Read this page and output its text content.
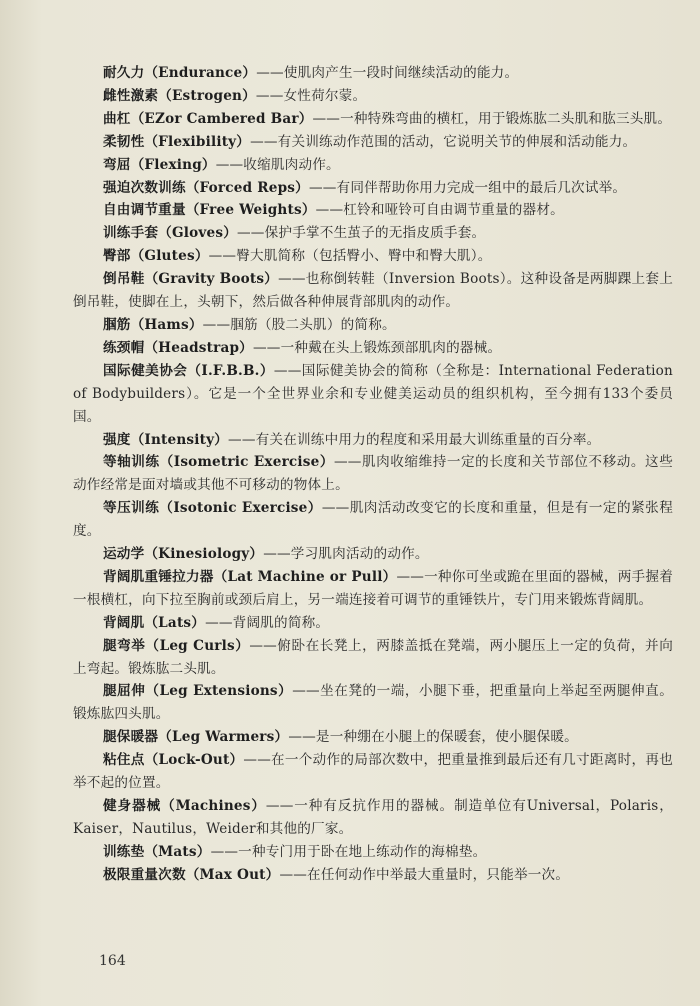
耐久力（Endurance）——使肌肉产生一段时间继续活动的能力。

雌性激素（Estrogen）——女性荷尔蒙。

曲杠（EZor Cambered Bar）——一种特殊弯曲的横杠，用于锻炼肱二头肌和肱三头肌。

柔韧性（Flexibility）——有关训练动作范围的活动，它说明关节的伸展和活动能力。

弯屈（Flexing）——收缩肌肉动作。

强迫次数训练（Forced Reps）——有同伴帮助你用力完成一组中的最后几次试举。

自由调节重量（Free Weights）——杠铃和哑铃可自由调节重量的器材。

训练手套（Gloves）——保护手掌不生茧子的无指皮质手套。

臀部（Glutes）——臀大肌简称（包括臀小、臀中和臀大肌）。

倒吊鞋（Gravity Boots）——也称倒转鞋（Inversion Boots）。这种设备是两脚踝上套上倒吊鞋，使脚在上，头朝下，然后做各种伸展背部肌肉的动作。

腘筋（Hams）——腘筋（股二头肌）的简称。

练颈帽（Headstrap）——一种戴在头上锻炼颈部肌肉的器械。

国际健美协会（I.F.B.B.）——国际健美协会的简称（全称是：International Federation of Bodybuilders）。它是一个全世界业余和专业健美运动员的组织机构，至今拥有133个委员国。

强度（Intensity）——有关在训练中用力的程度和采用最大训练重量的百分率。

等轴训练（Isometric Exercise）——肌肉收缩维持一定的长度和关节部位不移动。这些动作经常是面对墙或其他不可移动的物体上。

等压训练（Isotonic Exercise）——肌肉活动改变它的长度和重量，但是有一定的紧张程度。

运动学（Kinesiology）——学习肌肉活动的动作。

背阔肌重锤拉力器（Lat Machine or Pull）——一种你可坐或跪在里面的器械，两手握着一根横杠，向下拉至胸前或颈后肩上，另一端连接着可调节的重锤铁片，专门用来锻炼背阔肌。

背阔肌（Lats）——背阔肌的简称。

腿弯举（Leg Curls）——俯卧在长凳上，两膝盖抵在凳端，两小腿压上一定的负荷，并向上弯起。锻炼肱二头肌。

腿屈伸（Leg Extensions）——坐在凳的一端，小腿下垂，把重量向上举起至两腿伸直。锻炼肱四头肌。

腿保暖器（Leg Warmers）——是一种绷在小腿上的保暖套，使小腿保暖。

粘住点（Lock-Out）——在一个动作的局部次数中，把重量推到最后还有几寸距离时，再也举不起的位置。

健身器械（Machines）——一种有反抗作用的器械。制造单位有Universal，Polaris，Kaiser，Nautilus，Weider和其他的厂家。

训练垫（Mats）——一种专门用于卧在地上练动作的海棉垫。

极限重量次数（Max Out）——在任何动作中举最大重量时，只能举一次。

164
